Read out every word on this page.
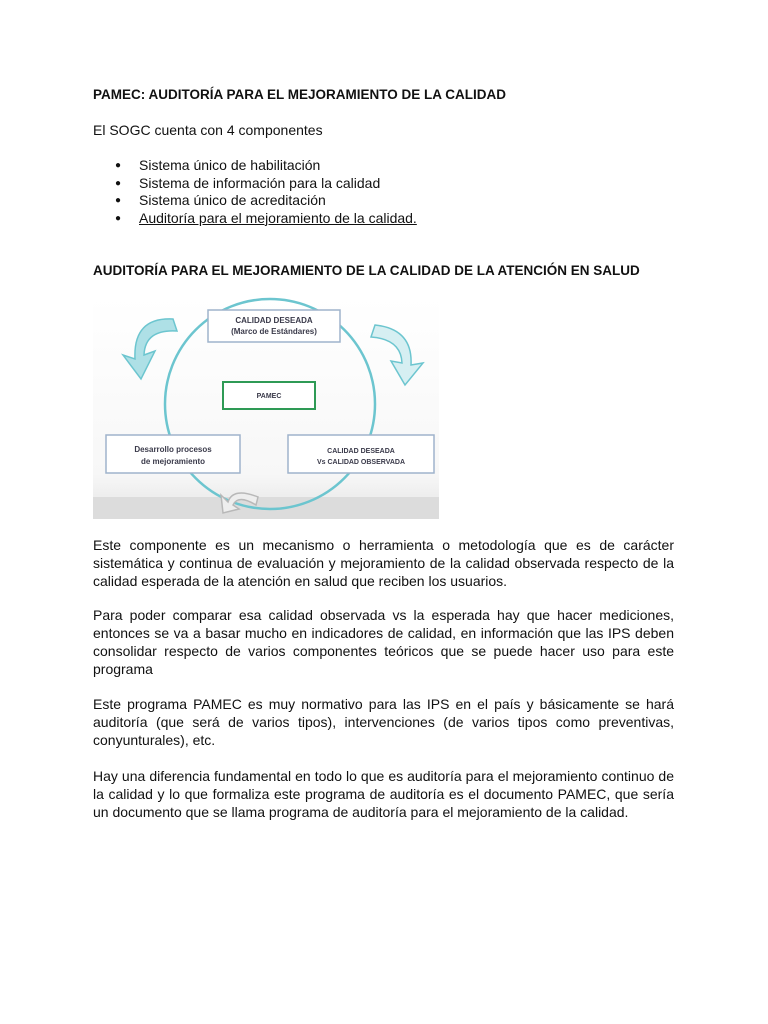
PAMEC: AUDITORÍA PARA EL MEJORAMIENTO DE LA CALIDAD
El SOGC cuenta con 4 componentes
● Sistema único de habilitación
● Sistema de información para la calidad
● Sistema único de acreditación
● Auditoría para el mejoramiento de la calidad.
AUDITORÍA PARA EL MEJORAMIENTO DE LA CALIDAD DE LA ATENCIÓN EN SALUD
CALIDAD DESEADA
(Marco de Estándares)
PAMEC
Desarrollo procesos
de mejoramiento
CALIDAD DESEADA
Vs CALIDAD OBSERVADA

Este componente es un mecanismo o herramienta o metodología que es de carácter sistemática y continua de evaluación y mejoramiento de la calidad observada respecto de la calidad esperada de la atención en salud que reciben los usuarios.

Para poder comparar esa calidad observada vs la esperada hay que hacer mediciones, entonces se va a basar mucho en indicadores de calidad, en información que las IPS deben consolidar respecto de varios componentes teóricos que se puede hacer uso para este programa

Este programa PAMEC es muy normativo para las IPS en el país y básicamente se hará auditoría (que será de varios tipos), intervenciones (de varios tipos como preventivas, conyunturales), etc.

Hay una diferencia fundamental en todo lo que es auditoría para el mejoramiento continuo de la calidad y lo que formaliza este programa de auditoría es el documento PAMEC, que sería un documento que se llama programa de auditoría para el mejoramiento de la calidad.
